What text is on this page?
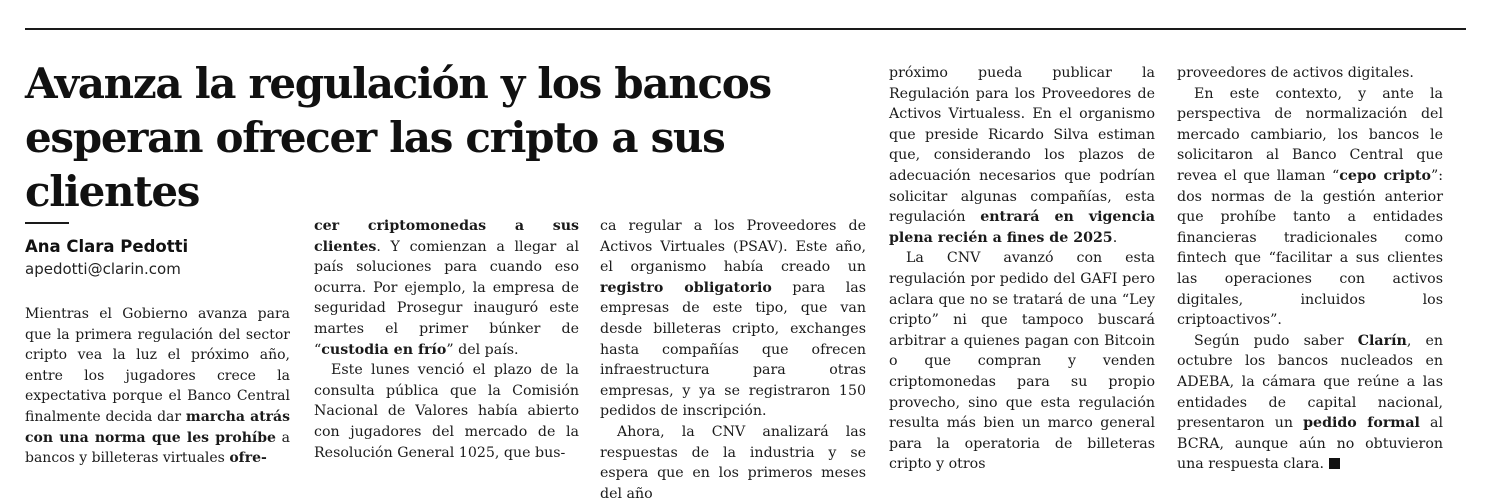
Avanza la regulación y los bancos esperan ofrecer las cripto a sus clientes

Ana Clara Pedotti

apedotti@clarin.com

Mientras el Gobierno avanza para que la primera regulación del sector cripto vea la luz el próximo año, entre los jugadores crece la expectativa porque el Banco Central finalmente decida dar marcha atrás con una norma que les prohíbe a bancos y billeteras virtuales ofre-

cer criptomonedas a sus clientes. Y comienzan a llegar al país soluciones para cuando eso ocurra. Por ejemplo, la empresa de seguridad Prosegur inauguró este martes el primer búnker de “custodia en frío” del país.

Este lunes venció el plazo de la consulta pública que la Comisión Nacional de Valores había abierto con jugadores del mercado de la Resolución General 1025, que bus-

ca regular a los Proveedores de Activos Virtuales (PSAV). Este año, el organismo había creado un registro obligatorio para las empresas de este tipo, que van desde billeteras cripto, exchanges hasta compañías que ofrecen infraestructura para otras empresas, y ya se registraron 150 pedidos de inscripción.

Ahora, la CNV analizará las respuestas de la industria y se espera que en los primeros meses del año

próximo pueda publicar la Regulación para los Proveedores de Activos Virtualess. En el organismo que preside Ricardo Silva estiman que, considerando los plazos de adecuación necesarios que podrían solicitar algunas compañías, esta regulación entrará en vigencia plena recién a fines de 2025.

La CNV avanzó con esta regulación por pedido del GAFI pero aclara que no se tratará de una “Ley cripto” ni que tampoco buscará arbitrar a quienes pagan con Bitcoin o que compran y venden criptomonedas para su propio provecho, sino que esta regulación resulta más bien un marco general para la operatoria de billeteras cripto y otros

proveedores de activos digitales.

En este contexto, y ante la perspectiva de normalización del mercado cambiario, los bancos le solicitaron al Banco Central que revea el que llaman “cepo cripto”: dos normas de la gestión anterior que prohíbe tanto a entidades financieras tradicionales como fintech que “facilitar a sus clientes las operaciones con activos digitales, incluidos los criptoactivos”.

Según pudo saber Clarín, en octubre los bancos nucleados en ADEBA, la cámara que reúne a las entidades de capital nacional, presentaron un pedido formal al BCRA, aunque aún no obtuvieron una respuesta clara.
